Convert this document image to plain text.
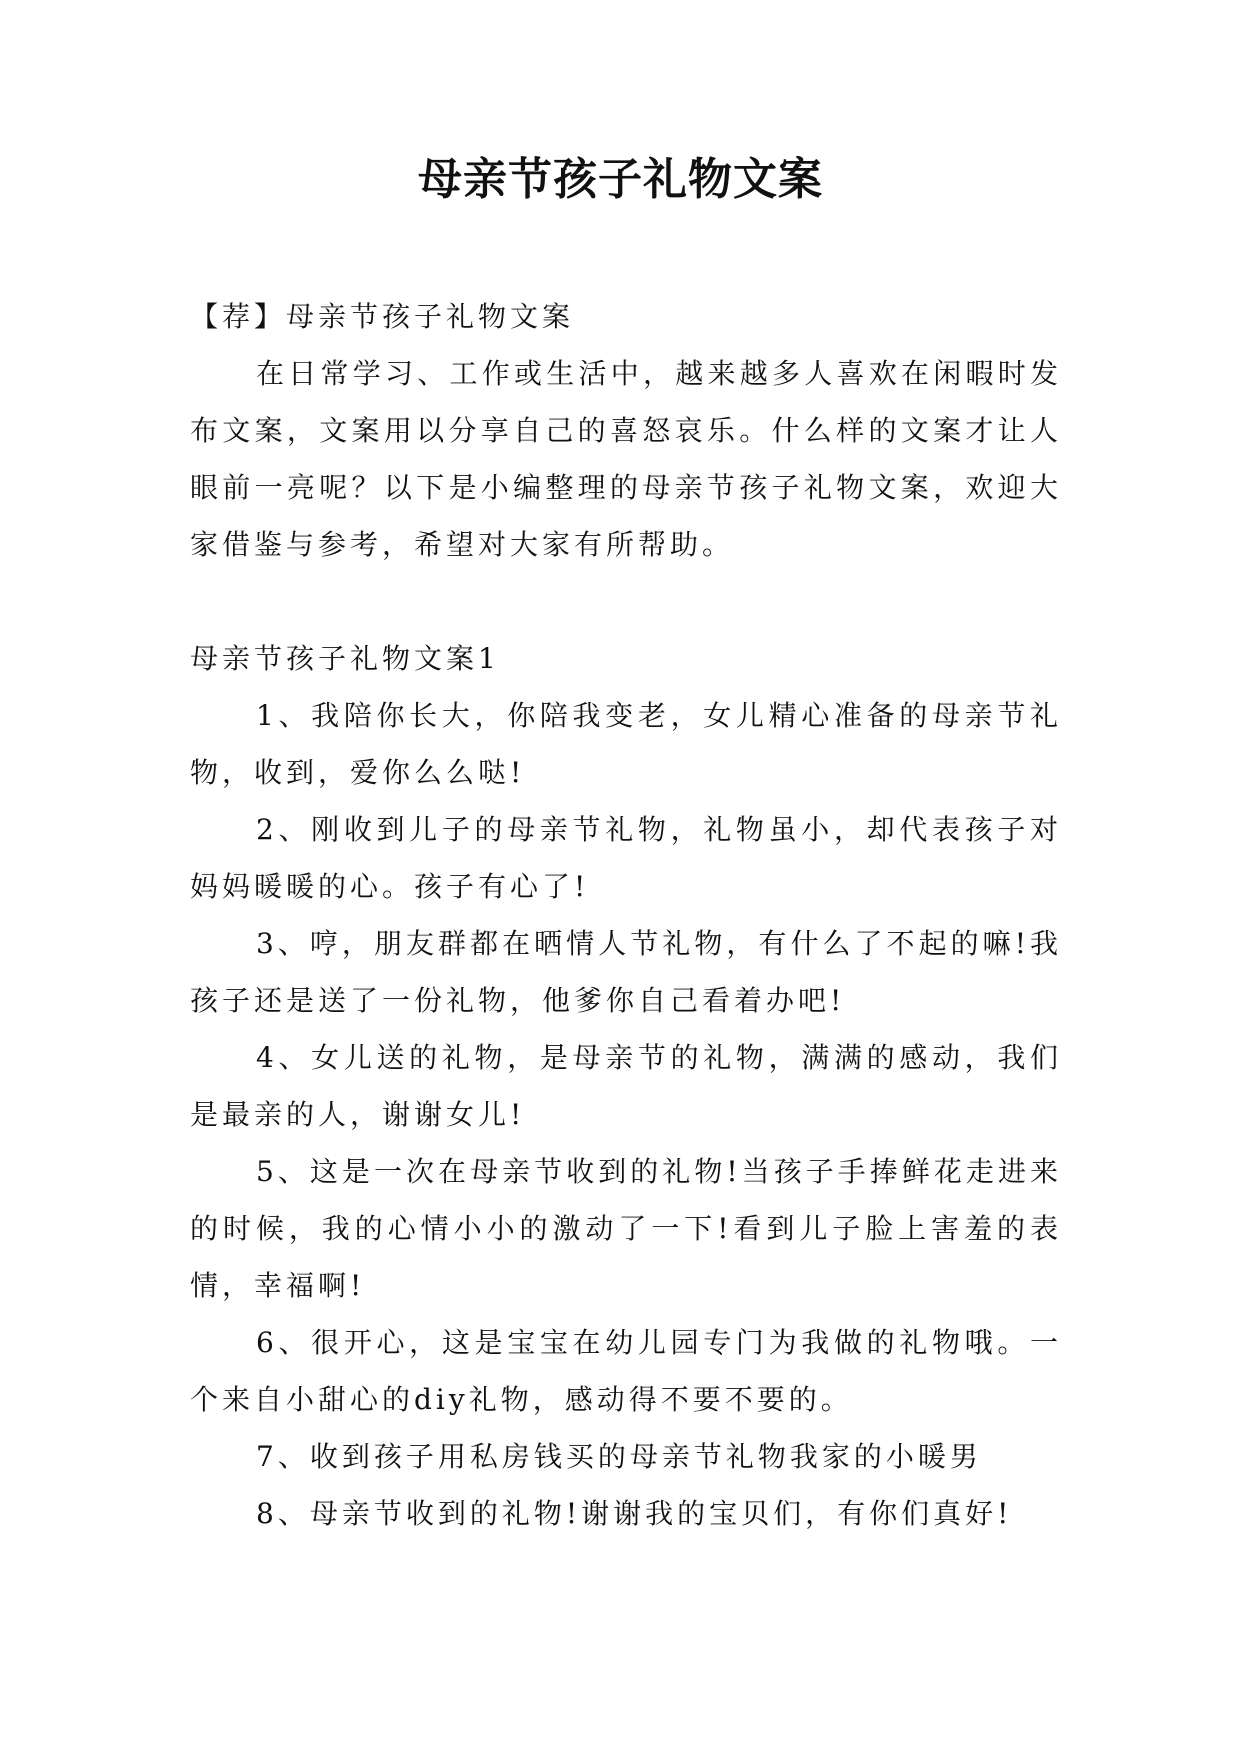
母亲节孩子礼物文案

【荐】母亲节孩子礼物文案

在日常学习、工作或生活中，越来越多人喜欢在闲暇时发布文案，文案用以分享自己的喜怒哀乐。什么样的文案才让人眼前一亮呢？以下是小编整理的母亲节孩子礼物文案，欢迎大家借鉴与参考，希望对大家有所帮助。

母亲节孩子礼物文案1

1、我陪你长大，你陪我变老，女儿精心准备的母亲节礼物，收到，爱你么么哒!

2、刚收到儿子的母亲节礼物，礼物虽小，却代表孩子对妈妈暖暖的心。孩子有心了!

3、哼，朋友群都在晒情人节礼物，有什么了不起的嘛!我孩子还是送了一份礼物，他爹你自己看着办吧!

4、女儿送的礼物，是母亲节的礼物，满满的感动，我们是最亲的人，谢谢女儿!

5、这是一次在母亲节收到的礼物!当孩子手捧鲜花走进来的时候，我的心情小小的激动了一下!看到儿子脸上害羞的表情，幸福啊!

6、很开心，这是宝宝在幼儿园专门为我做的礼物哦。一个来自小甜心的diy礼物，感动得不要不要的。

7、收到孩子用私房钱买的母亲节礼物我家的小暖男

8、母亲节收到的礼物!谢谢我的宝贝们，有你们真好!
